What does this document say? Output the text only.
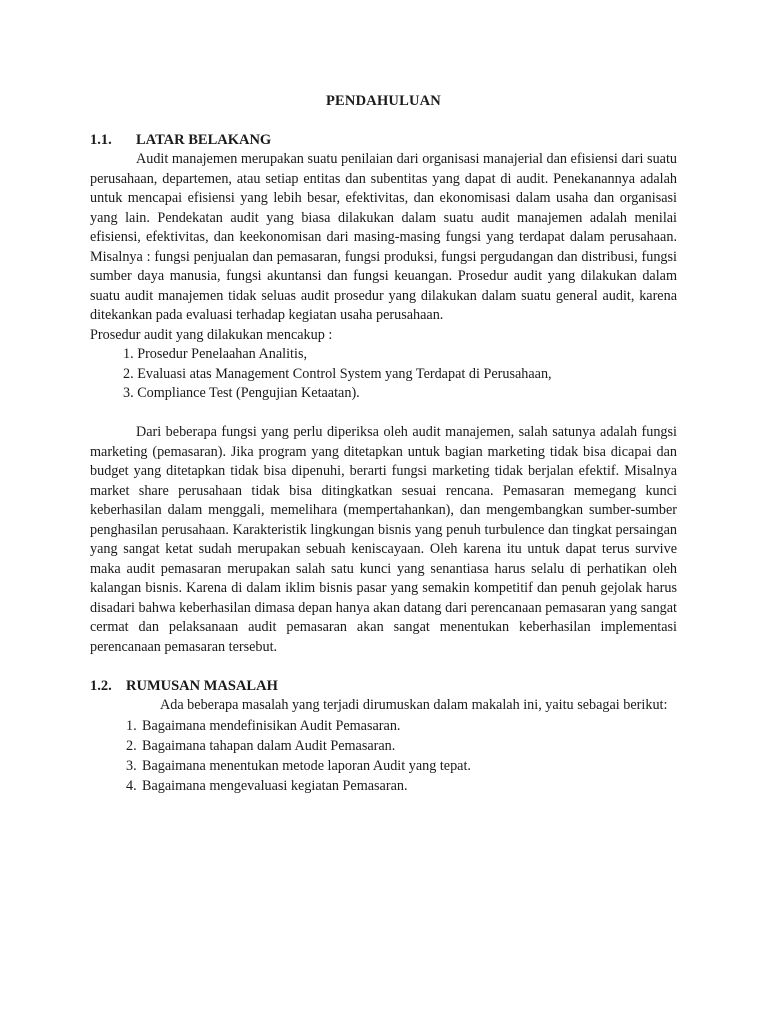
PENDAHULUAN
1.1.	LATAR BELAKANG

Audit manajemen merupakan suatu penilaian dari organisasi manajerial dan efisiensi dari suatu perusahaan, departemen, atau setiap entitas dan subentitas yang dapat di audit. Penekanannya adalah untuk mencapai efisiensi yang lebih besar, efektivitas, dan ekonomisasi dalam usaha dan organisasi yang lain. Pendekatan audit yang biasa dilakukan dalam suatu audit manajemen adalah menilai efisiensi, efektivitas, dan keekonomisan dari masing-masing fungsi yang terdapat dalam perusahaan. Misalnya : fungsi penjualan dan pemasaran, fungsi produksi, fungsi pergudangan dan distribusi, fungsi sumber daya manusia, fungsi akuntansi dan fungsi keuangan. Prosedur audit yang dilakukan dalam suatu audit manajemen tidak seluas audit prosedur yang dilakukan dalam suatu general audit, karena ditekankan pada evaluasi terhadap kegiatan usaha perusahaan.

Prosedur audit yang dilakukan mencakup :

1. Prosedur Penelaahan Analitis,
2. Evaluasi atas Management Control System yang Terdapat di Perusahaan,
3. Compliance Test (Pengujian Ketaatan).

Dari beberapa fungsi yang perlu diperiksa oleh audit manajemen, salah satunya adalah fungsi marketing (pemasaran). Jika program yang ditetapkan untuk bagian marketing tidak bisa dicapai dan budget yang ditetapkan tidak bisa dipenuhi, berarti fungsi marketing tidak berjalan efektif. Misalnya market share perusahaan tidak bisa ditingkatkan sesuai rencana. Pemasaran memegang kunci keberhasilan dalam menggali, memelihara (mempertahankan), dan mengembangkan sumber-sumber penghasilan perusahaan. Karakteristik lingkungan bisnis yang penuh turbulence dan tingkat persaingan yang sangat ketat sudah merupakan sebuah keniscayaan. Oleh karena itu untuk dapat terus survive maka audit pemasaran merupakan salah satu kunci yang senantiasa harus selalu di perhatikan oleh kalangan bisnis. Karena di dalam iklim bisnis pasar yang semakin kompetitif dan penuh gejolak harus disadari bahwa keberhasilan dimasa depan hanya akan datang dari perencanaan pemasaran yang sangat cermat dan pelaksanaan audit pemasaran akan sangat menentukan keberhasilan implementasi perencanaan pemasaran tersebut.

1.2. RUMUSAN MASALAH

Ada beberapa masalah yang terjadi dirumuskan dalam makalah ini, yaitu sebagai berikut:

1. Bagaimana mendefinisikan Audit Pemasaran.
2. Bagaimana tahapan dalam Audit Pemasaran.
3. Bagaimana menentukan metode laporan Audit yang tepat.
4. Bagaimana mengevaluasi kegiatan Pemasaran.
